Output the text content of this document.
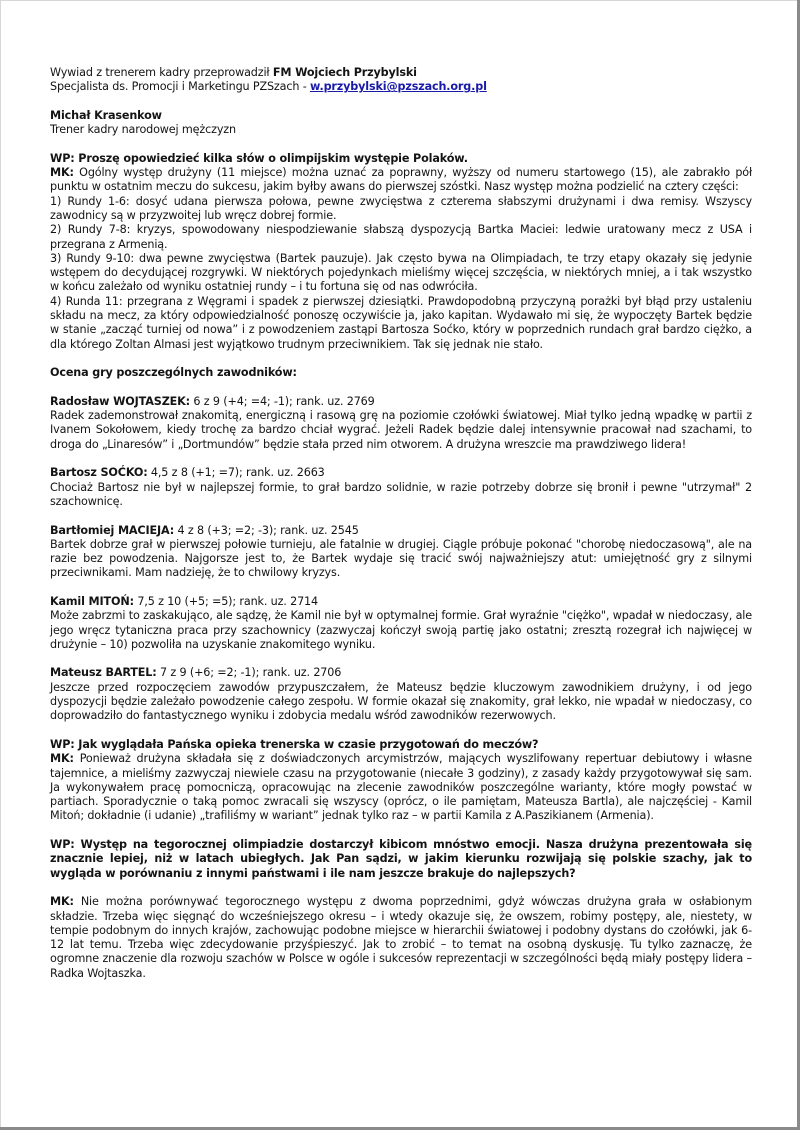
Wywiad z trenerem kadry przeprowadził FM Wojciech Przybylski

Specjalista ds. Promocji i Marketingu PZSzach - w.przybylski@pzszach.org.pl

Michał Krasenkow

Trener kadry narodowej mężczyzn

WP: Proszę opowiedzieć kilka słów o olimpijskim występie Polaków.

MK: Ogólny występ drużyny (11 miejsce) można uznać za poprawny, wyższy od numeru startowego (15), ale zabrakło pół punktu w ostatnim meczu do sukcesu, jakim byłby awans do pierwszej szóstki. Nasz występ można podzielić na cztery części:

1) Rundy 1-6: dosyć udana pierwsza połowa, pewne zwycięstwa z czterema słabszymi drużynami i dwa remisy. Wszyscy zawodnicy są w przyzwoitej lub wręcz dobrej formie.

2) Rundy 7-8: kryzys, spowodowany niespodziewanie słabszą dyspozycją Bartka Maciei: ledwie uratowany mecz z USA i przegrana z Armenią.

3) Rundy 9-10: dwa pewne zwycięstwa (Bartek pauzuje). Jak często bywa na Olimpiadach, te trzy etapy okazały się jedynie wstępem do decydującej rozgrywki. W niektórych pojedynkach mieliśmy więcej szczęścia, w niektórych mniej, a i tak wszystko w końcu zależało od wyniku ostatniej rundy – i tu fortuna się od nas odwróciła.

4) Runda 11: przegrana z Węgrami i spadek z pierwszej dziesiątki. Prawdopodobną przyczyną porażki był błąd przy ustaleniu składu na mecz, za który odpowiedzialność ponoszę oczywiście ja, jako kapitan. Wydawało mi się, że wypoczęty Bartek będzie w stanie „zacząć turniej od nowa” i z powodzeniem zastąpi Bartosza Soćko, który w poprzednich rundach grał bardzo ciężko, a dla którego Zoltan Almasi jest wyjątkowo trudnym przeciwnikiem. Tak się jednak nie stało.

Ocena gry poszczególnych zawodników:

Radosław WOJTASZEK: 6 z 9 (+4; =4; -1); rank. uz. 2769

Radek zademonstrował znakomitą, energiczną i rasową grę na poziomie czołówki światowej. Miał tylko jedną wpadkę w partii z Ivanem Sokołowem, kiedy trochę za bardzo chciał wygrać. Jeżeli Radek będzie dalej intensywnie pracował nad szachami, to droga do „Linaresów” i „Dortmundów” będzie stała przed nim otworem. A drużyna wreszcie ma prawdziwego lidera!

Bartosz SOĆKO: 4,5 z 8 (+1; =7); rank. uz. 2663

Chociaż Bartosz nie był w najlepszej formie, to grał bardzo solidnie, w razie potrzeby dobrze się bronił i pewne "utrzymał" 2 szachownicę.

Bartłomiej MACIEJA: 4 z 8 (+3; =2; -3); rank. uz. 2545

Bartek dobrze grał w pierwszej połowie turnieju, ale fatalnie w drugiej. Ciągle próbuje pokonać "chorobę niedoczasową", ale na razie bez powodzenia. Najgorsze jest to, że Bartek wydaje się tracić swój najważniejszy atut: umiejętność gry z silnymi przeciwnikami. Mam nadzieję, że to chwilowy kryzys.

Kamil MITOŃ: 7,5 z 10 (+5; =5); rank. uz. 2714

Może zabrzmi to zaskakująco, ale sądzę, że Kamil nie był w optymalnej formie. Grał wyraźnie "ciężko", wpadał w niedoczasy, ale jego wręcz tytaniczna praca przy szachownicy (zazwyczaj kończył swoją partię jako ostatni; zresztą rozegrał ich najwięcej w drużynie – 10) pozwoliła na uzyskanie znakomitego wyniku.

Mateusz BARTEL: 7 z 9 (+6; =2; -1); rank. uz. 2706

Jeszcze przed rozpoczęciem zawodów przypuszczałem, że Mateusz będzie kluczowym zawodnikiem drużyny, i od jego dyspozycji będzie zależało powodzenie całego zespołu. W formie okazał się znakomity, grał lekko, nie wpadał w niedoczasy, co doprowadziło do fantastycznego wyniku i zdobycia medalu wśród zawodników rezerwowych.

WP: Jak wyglądała Pańska opieka trenerska w czasie przygotowań do meczów?

MK: Ponieważ drużyna składała się z doświadczonych arcymistrzów, mających wyszlifowany repertuar debiutowy i własne tajemnice, a mieliśmy zazwyczaj niewiele czasu na przygotowanie (niecałe 3 godziny), z zasady każdy przygotowywał się sam. Ja wykonywałem pracę pomocniczą, opracowując na zlecenie zawodników poszczególne warianty, które mogły powstać w partiach. Sporadycznie o taką pomoc zwracali się wszyscy (oprócz, o ile pamiętam, Mateusza Bartla), ale najczęściej - Kamil Mitoń; dokładnie (i udanie) „trafiliśmy w wariant” jednak tylko raz – w partii Kamila z A.Paszikianem (Armenia).

WP: Występ na tegorocznej olimpiadzie dostarczył kibicom mnóstwo emocji. Nasza drużyna prezentowała się znacznie lepiej, niż w latach ubiegłych. Jak Pan sądzi, w jakim kierunku rozwijają się polskie szachy, jak to wygląda w porównaniu z innymi państwami i ile nam jeszcze brakuje do najlepszych?

MK: Nie można porównywać tegorocznego występu z dwoma poprzednimi, gdyż wówczas drużyna grała w osłabionym składzie. Trzeba więc sięgnąć do wcześniejszego okresu – i wtedy okazuje się, że owszem, robimy postępy, ale, niestety, w tempie podobnym do innych krajów, zachowując podobne miejsce w hierarchii światowej i podobny dystans do czołówki, jak 6-12 lat temu. Trzeba więc zdecydowanie przyśpieszyć. Jak to zrobić – to temat na osobną dyskusję. Tu tylko zaznaczę, że ogromne znaczenie dla rozwoju szachów w Polsce w ogóle i sukcesów reprezentacji w szczególności będą miały postępy lidera – Radka Wojtaszka.
